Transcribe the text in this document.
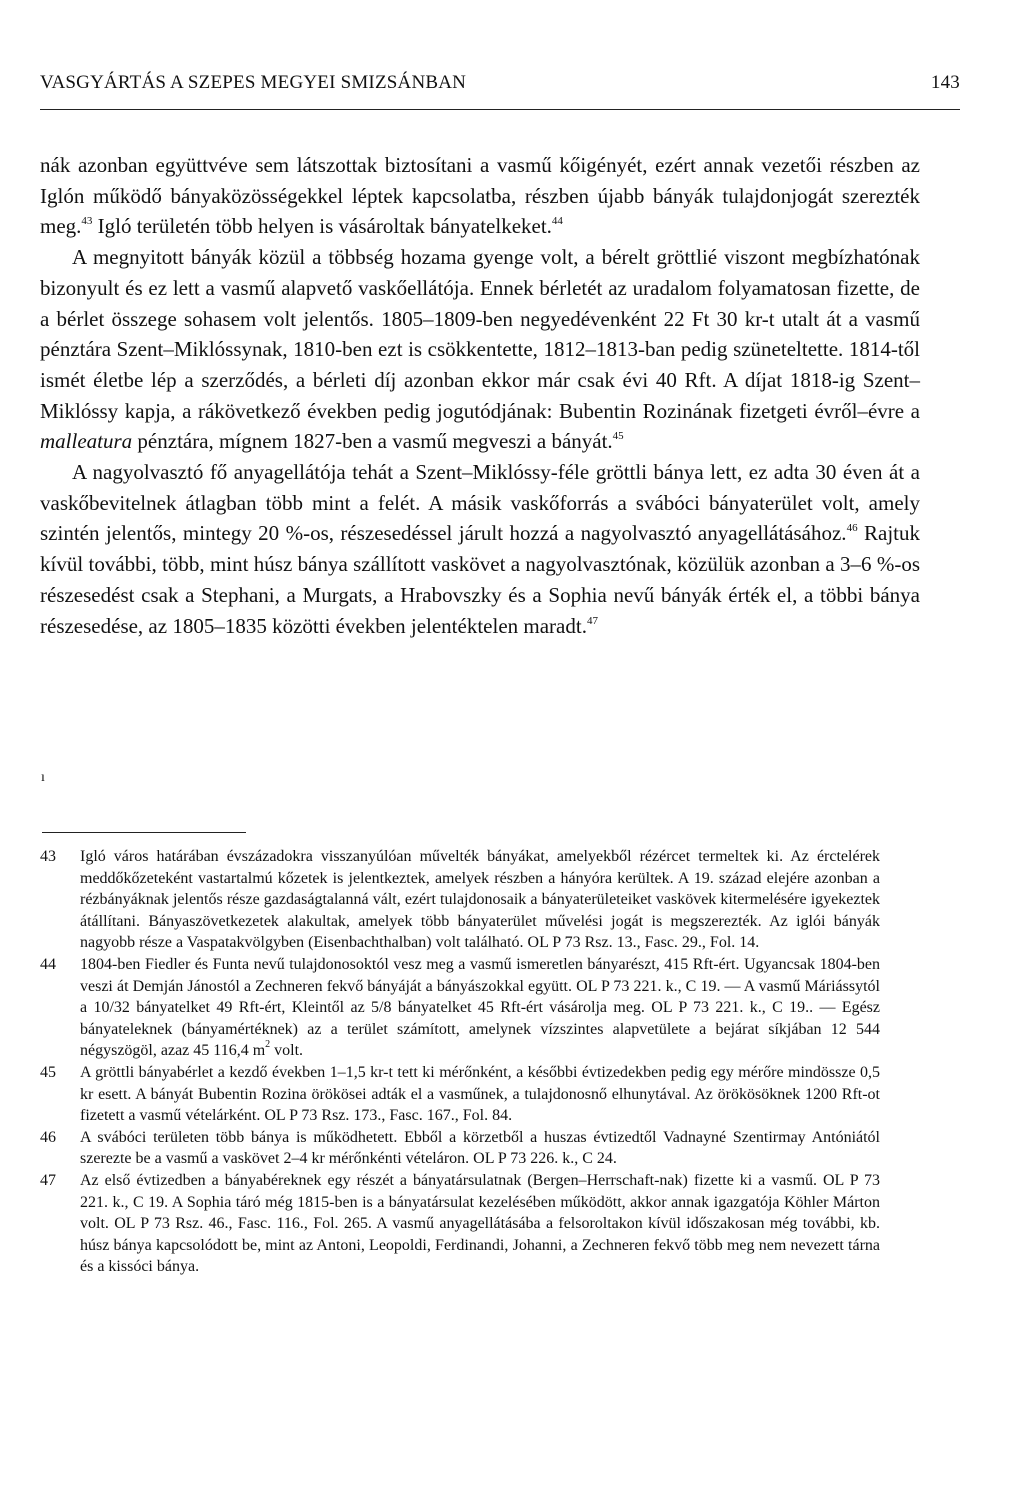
VASGYÁRTÁS A SZEPES MEGYEI SMIZSÁNBAN	143

nák azonban együttvéve sem látszottak biztosítani a vasmű kőigényét, ezért annak vezetői részben az Iglón működő bányaközösségekkel léptek kapcsolatba, részben újabb bányák tulajdonjogát szerezték meg.$^{43}$ Igló területén több helyen is vásároltak bányatelkeket.$^{44}$

A megnyitott bányák közül a többség hozama gyenge volt, a bérelt gröttlié viszont megbízhatónak bizonyult és ez lett a vasmű alapvető vaskőellátója. Ennek bérletét az uradalom folyamatosan fizette, de a bérlet összege sohasem volt jelentős. 1805–1809-ben negyedévenként 22 Ft 30 kr-t utalt át a vasmű pénztára Szent–Miklóssynak, 1810-ben ezt is csökkentette, 1812–1813-ban pedig szüneteltette. 1814-től ismét életbe lép a szerződés, a bérleti díj azonban ekkor már csak évi 40 Rft. A díjat 1818-ig Szent–Miklóssy kapja, a rákövetkező években pedig jogutódjának: Bubentin Rozinának fizetgeti évről–évre a malleatura pénztára, mígnem 1827-ben a vasmű megveszi a bányát.$^{45}$

A nagyolvasztó fő anyagellátója tehát a Szent–Miklóssy-féle gröttli bánya lett, ez adta 30 éven át a vaskőbevitelnek átlagban több mint a felét. A másik vaskőforrás a svábóci bányaterület volt, amely szintén jelentős, mintegy 20 %-os, részesedéssel járult hozzá a nagyolvasztó anyagellátásához.$^{46}$ Rajtuk kívül további, több, mint húsz bánya szállított vaskövet a nagyolvasztónak, közülük azonban a 3–6 %-os részesedést csak a Stephani, a Murgats, a Hrabovszky és a Sophia nevű bányák érték el, a többi bánya részesedése, az 1805–1835 közötti években jelentéktelen maradt.$^{47}$

ı
43	Igló város határában évszázadokra visszanyúlóan művelték bányákat, amelyekből rézércet termeltek ki. Az érctelérek meddőkőzeteként vastartalmú kőzetek is jelentkeztek, amelyek részben a hányóra kerültek. A 19. század elejére azonban a rézbányáknak jelentős része gazdaságtalanná vált, ezért tulajdonosaik a bányaterületeiket vaskövek kitermelésére igyekeztek átállítani. Bányaszövetkezetek alakultak, amelyek több bányaterület művelési jogát is megszerezték. Az iglói bányák nagyobb része a Vaspatakvölgyben (Eisenbachthalban) volt található. OL P 73 Rsz. 13., Fasc. 29., Fol. 14.
44	1804-ben Fiedler és Funta nevű tulajdonosoktól vesz meg a vasmű ismeretlen bányarészt, 415 Rft-ért. Ugyancsak 1804-ben veszi át Demján Jánostól a Zechneren fekvő bányáját a bányászokkal együtt. OL P 73 221. k., C 19. — A vasmű Máriássytól a 10/32 bányatelket 49 Rft-ért, Kleintől az 5/8 bányatelket 45 Rft-ért vásárolja meg. OL P 73 221. k., C 19.. — Egész bányateleknek (bányamértéknek) az a terület számított, amelynek vízszintes alapvetülete a bejárat síkjában 12 544 négyszögöl, azaz 45 116,4 $m^2$ volt.
45	A gröttli bányabérlet a kezdő években 1–1,5 kr-t tett ki mérőnként, a későbbi évtizedekben pedig egy mérőre mindössze 0,5 kr esett. A bányát Bubentin Rozina örökösei adták el a vasműnek, a tulajdonosnő elhunytával. Az örökösöknek 1200 Rft-ot fizetett a vasmű vételárként. OL P 73 Rsz. 173., Fasc. 167., Fol. 84.
46	A svábóci területen több bánya is működhetett. Ebből a körzetből a huszas évtizedtől Vadnayné Szentirmay Antóniától szerezte be a vasmű a vaskövet 2–4 kr mérőnkénti vételáron. OL P 73 226. k., C 24.
47	Az első évtizedben a bányabéreknek egy részét a bányatársulatnak (Bergen–Herrschaft-nak) fizette ki a vasmű. OL P 73 221. k., C 19. A Sophia táró még 1815-ben is a bányatársulat kezelésében működött, akkor annak igazgatója Köhler Márton volt. OL P 73 Rsz. 46., Fasc. 116., Fol. 265. A vasmű anyagellátásába a felsoroltakon kívül időszakosan még további, kb. húsz bánya kapcsolódott be, mint az Antoni, Leopoldi, Ferdinandi, Johanni, a Zechneren fekvő több meg nem nevezett tárna és a kissóci bánya.
